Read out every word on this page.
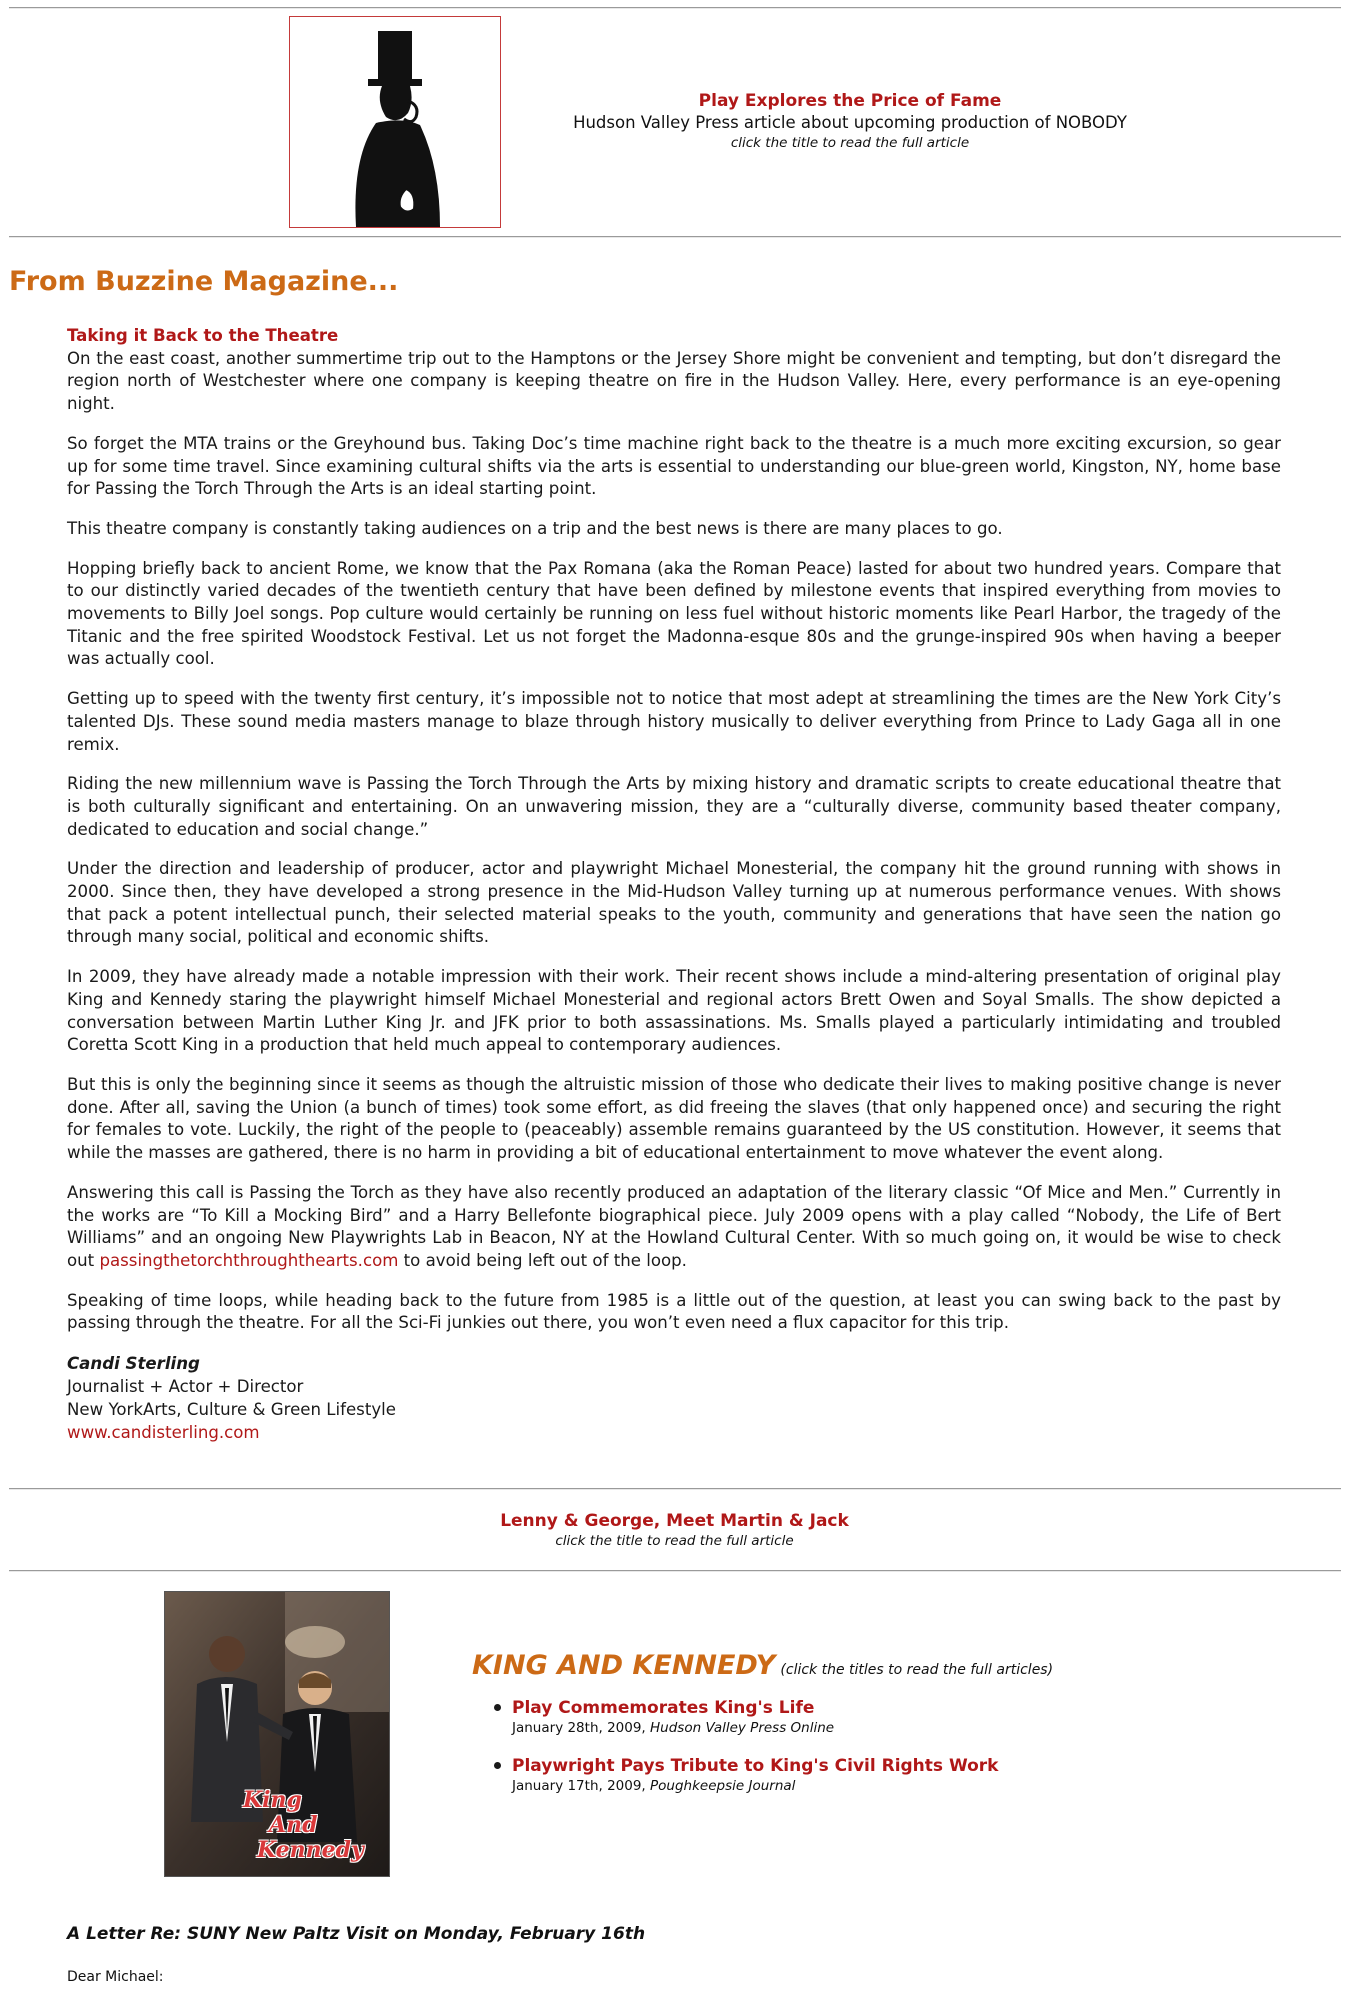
Play Explores the Price of Fame
Hudson Valley Press article about upcoming production of NOBODY
click the title to read the full article
From Buzzine Magazine...
Taking it Back to the Theatre

On the east coast, another summertime trip out to the Hamptons or the Jersey Shore might be convenient and tempting, but don’t disregard the region north of Westchester where one company is keeping theatre on fire in the Hudson Valley. Here, every performance is an eye-opening night.

So forget the MTA trains or the Greyhound bus. Taking Doc’s time machine right back to the theatre is a much more exciting excursion, so gear up for some time travel. Since examining cultural shifts via the arts is essential to understanding our blue-green world, Kingston, NY, home base for Passing the Torch Through the Arts is an ideal starting point.

This theatre company is constantly taking audiences on a trip and the best news is there are many places to go.

Hopping briefly back to ancient Rome, we know that the Pax Romana (aka the Roman Peace) lasted for about two hundred years. Compare that to our distinctly varied decades of the twentieth century that have been defined by milestone events that inspired everything from movies to movements to Billy Joel songs. Pop culture would certainly be running on less fuel without historic moments like Pearl Harbor, the tragedy of the Titanic and the free spirited Woodstock Festival. Let us not forget the Madonna-esque 80s and the grunge-inspired 90s when having a beeper was actually cool.

Getting up to speed with the twenty first century, it’s impossible not to notice that most adept at streamlining the times are the New York City’s talented DJs. These sound media masters manage to blaze through history musically to deliver everything from Prince to Lady Gaga all in one remix.

Riding the new millennium wave is Passing the Torch Through the Arts by mixing history and dramatic scripts to create educational theatre that is both culturally significant and entertaining. On an unwavering mission, they are a “culturally diverse, community based theater company, dedicated to education and social change.”

Under the direction and leadership of producer, actor and playwright Michael Monesterial, the company hit the ground running with shows in 2000. Since then, they have developed a strong presence in the Mid-Hudson Valley turning up at numerous performance venues. With shows that pack a potent intellectual punch, their selected material speaks to the youth, community and generations that have seen the nation go through many social, political and economic shifts.

In 2009, they have already made a notable impression with their work. Their recent shows include a mind-altering presentation of original play King and Kennedy staring the playwright himself Michael Monesterial and regional actors Brett Owen and Soyal Smalls. The show depicted a conversation between Martin Luther King Jr. and JFK prior to both assassinations. Ms. Smalls played a particularly intimidating and troubled Coretta Scott King in a production that held much appeal to contemporary audiences.

But this is only the beginning since it seems as though the altruistic mission of those who dedicate their lives to making positive change is never done. After all, saving the Union (a bunch of times) took some effort, as did freeing the slaves (that only happened once) and securing the right for females to vote. Luckily, the right of the people to (peaceably) assemble remains guaranteed by the US constitution. However, it seems that while the masses are gathered, there is no harm in providing a bit of educational entertainment to move whatever the event along.

Answering this call is Passing the Torch as they have also recently produced an adaptation of the literary classic “Of Mice and Men.” Currently in the works are “To Kill a Mocking Bird” and a Harry Bellefonte biographical piece. July 2009 opens with a play called “Nobody, the Life of Bert Williams” and an ongoing New Playwrights Lab in Beacon, NY at the Howland Cultural Center. With so much going on, it would be wise to check out passingthetorchthroughthearts.com to avoid being left out of the loop.

Speaking of time loops, while heading back to the future from 1985 is a little out of the question, at least you can swing back to the past by passing through the theatre. For all the Sci-Fi junkies out there, you won’t even need a flux capacitor for this trip.

Candi Sterling
Journalist + Actor + Director
New YorkArts, Culture & Green Lifestyle
www.candisterling.com
Lenny & George, Meet Martin & Jack
click the title to read the full article
King
And
Kennedy
KING AND KENNEDY (click the titles to read the full articles)
Play Commemorates King's Life
January 28th, 2009, Hudson Valley Press Online
Playwright Pays Tribute to King's Civil Rights Work
January 17th, 2009, Poughkeepsie Journal
A Letter Re: SUNY New Paltz Visit on Monday, February 16th
Dear Michael:
